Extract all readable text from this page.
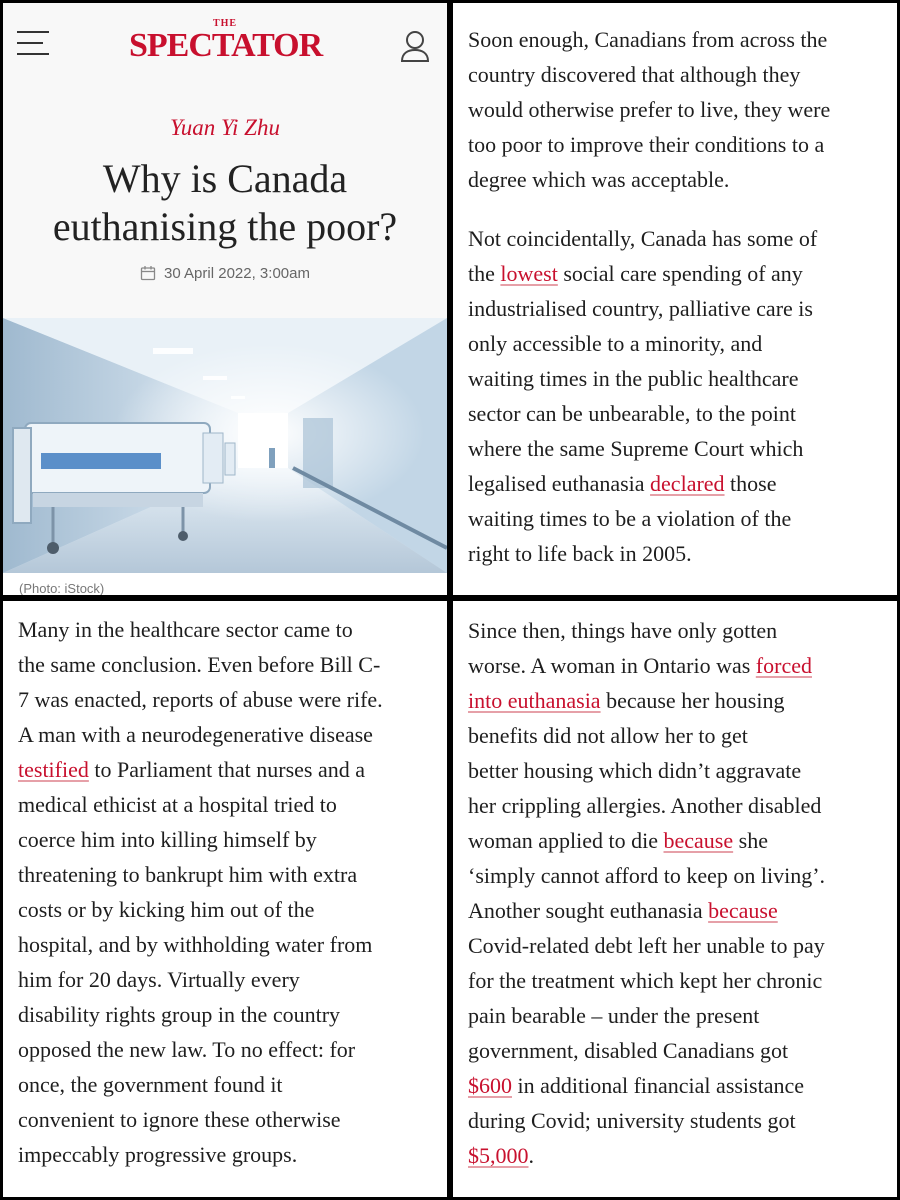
THE
SPECTATOR
Yuan Yi Zhu
Why is Canada
euthanising the poor?
30 April 2022, 3:00am
(Photo: iStock)
Soon enough, Canadians from across the
country discovered that although they
would otherwise prefer to live, they were
too poor to improve their conditions to a
degree which was acceptable.
Not coincidentally, Canada has some of
the lowest social care spending of any
industrialised country, palliative care is
only accessible to a minority, and
waiting times in the public healthcare
sector can be unbearable, to the point
where the same Supreme Court which
legalised euthanasia declared those
waiting times to be a violation of the
right to life back in 2005.
Many in the healthcare sector came to
the same conclusion. Even before Bill C-
7 was enacted, reports of abuse were rife.
A man with a neurodegenerative disease
testified to Parliament that nurses and a
medical ethicist at a hospital tried to
coerce him into killing himself by
threatening to bankrupt him with extra
costs or by kicking him out of the
hospital, and by withholding water from
him for 20 days. Virtually every
disability rights group in the country
opposed the new law. To no effect: for
once, the government found it
convenient to ignore these otherwise
impeccably progressive groups.
Since then, things have only gotten
worse. A woman in Ontario was forced
into euthanasia because her housing
benefits did not allow her to get
better housing which didn’t aggravate
her crippling allergies. Another disabled
woman applied to die because she
‘simply cannot afford to keep on living’.
Another sought euthanasia because
Covid-related debt left her unable to pay
for the treatment which kept her chronic
pain bearable – under the present
government, disabled Canadians got
$600 in additional financial assistance
during Covid; university students got
$5,000.
